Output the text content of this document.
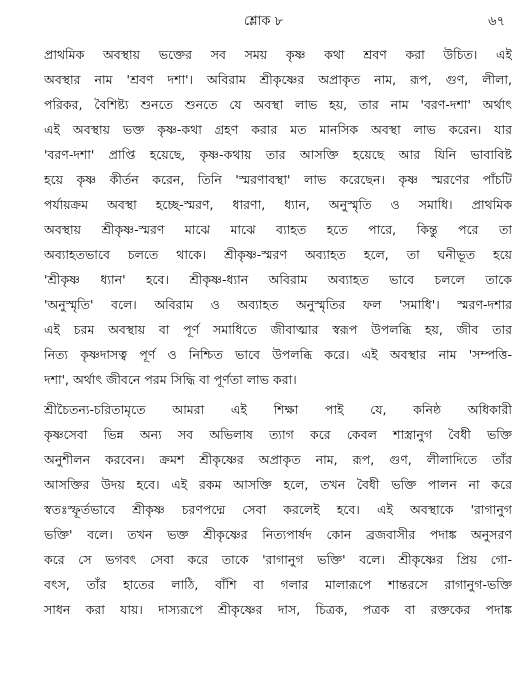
শ্লোক ৮	৬৭
প্রাথমিক অবস্থায় ভক্তের সব সময় কৃষ্ণ কথা শ্রবণ করা উচিত। এই
অবস্থার নাম 'শ্রবণ দশা'। অবিরাম শ্রীকৃষ্ণের অপ্রাকৃত নাম, রূপ, গুণ, লীলা,
পরিকর, বৈশিষ্ট্য শুনতে শুনতে যে অবস্থা লাভ হয়, তার নাম 'বরণ-দশা' অর্থাৎ
এই অবস্থায় ভক্ত কৃষ্ণ-কথা গ্রহণ করার মত মানসিক অবস্থা লাভ করেন। যার
'বরণ-দশা' প্রাপ্তি হয়েছে, কৃষ্ণ-কথায় তার আসক্তি হয়েছে আর যিনি ভাবাবিষ্ট
হয়ে কৃষ্ণ কীর্তন করেন, তিনি 'স্মরণাবস্থা' লাভ করেছেন। কৃষ্ণ স্মরণের পাঁচটি
পর্যায়ক্রম অবস্থা হচ্ছে-স্মরণ, ধারণা, ধ্যান, অনুস্মৃতি ও সমাধি। প্রাথমিক
অবস্থায় শ্রীকৃষ্ণ-স্মরণ মাঝে মাঝে ব্যাহত হতে পারে, কিন্তু পরে তা
অব্যাহতভাবে চলতে থাকে। শ্রীকৃষ্ণ-স্মরণ অব্যাহত হলে, তা ঘনীভূত হয়ে
'শ্রীকৃষ্ণ ধ্যান' হবে। শ্রীকৃষ্ণ-ধ্যান অবিরাম অব্যাহত ভাবে চললে তাকে
'অনুস্মৃতি' বলে। অবিরাম ও অব্যাহত অনুস্মৃতির ফল 'সমাধি'। স্মরণ-দশার
এই চরম অবস্থায় বা পূর্ণ সমাধিতে জীবাত্মার স্বরূপ উপলব্ধি হয়, জীব তার
নিত্য কৃষ্ণদাসত্ব পূর্ণ ও নিশ্চিত ভাবে উপলব্ধি করে। এই অবস্থার নাম 'সম্পত্তি-
দশা', অর্থাৎ জীবনে পরম সিদ্ধি বা পূর্ণতা লাভ করা।
শ্রীচৈতন্য-চরিতামৃতে আমরা এই শিক্ষা পাই যে, কনিষ্ঠ অধিকারী
কৃষ্ণসেবা ভিন্ন অন্য সব অভিলাষ ত্যাগ করে কেবল শাস্ত্রানুগ বৈধী ভক্তি
অনুশীলন করবেন। ক্রমশ শ্রীকৃষ্ণের অপ্রাকৃত নাম, রূপ, গুণ, লীলাদিতে তাঁর
আসক্তির উদয় হবে। এই রকম আসক্তি হলে, তখন বৈধী ভক্তি পালন না করে
স্বতঃস্ফূর্তভাবে শ্রীকৃষ্ণ চরণপদ্মে সেবা করলেই হবে। এই অবস্থাকে 'রাগানুগ
ভক্তি' বলে। তখন ভক্ত শ্রীকৃষ্ণের নিত্যপার্ষদ কোন ব্রজবাসীর পদাঙ্ক অনুসরণ
করে সে ভগবৎ সেবা করে তাকে 'রাগানুগ ভক্তি' বলে। শ্রীকৃষ্ণের প্রিয় গো-
বৎস, তাঁর হাতের লাঠি, বাঁশি বা গলার মালারূপে শান্তরসে রাগানুগ-ভক্তি
সাধন করা যায়। দাস্যরূপে শ্রীকৃষ্ণের দাস, চিত্রক, পত্রক বা রক্তকের পদাঙ্ক
